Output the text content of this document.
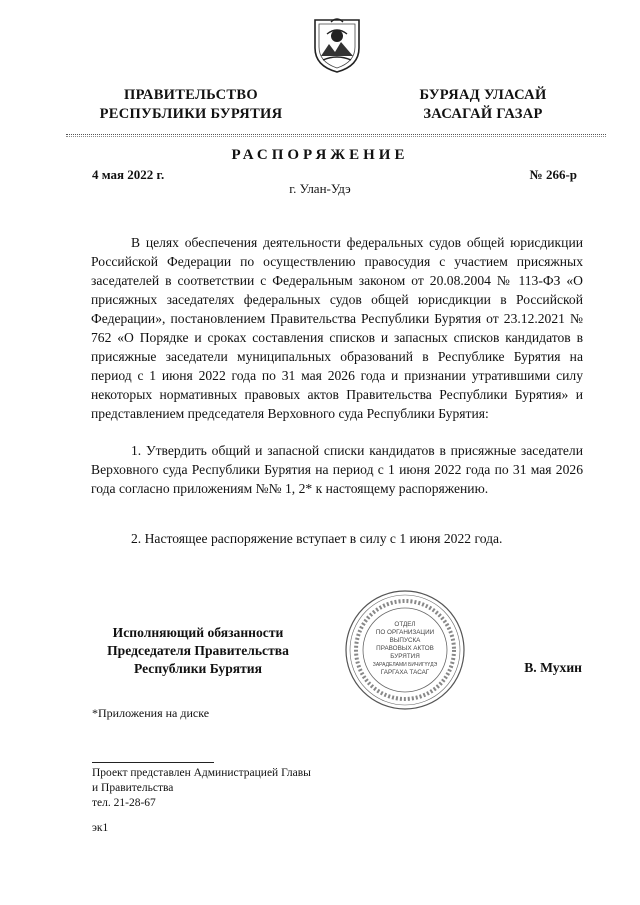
ПРАВИТЕЛЬСТВО
РЕСПУБЛИКИ БУРЯТИЯ
БУРЯАД УЛАСАЙ
ЗАСАГАЙ ГАЗАР
РАСПОРЯЖЕНИЕ
4 мая 2022 г.	№ 266-р
г. Улан-Удэ
В целях обеспечения деятельности федеральных судов общей юрисдикции Российской Федерации по осуществлению правосудия с участием присяжных заседателей в соответствии с Федеральным законом от 20.08.2004 № 113-ФЗ «О присяжных заседателях федеральных судов общей юрисдикции в Российской Федерации», постановлением Правительства Республики Бурятия от 23.12.2021 № 762 «О Порядке и сроках составления списков и запасных списков кандидатов в присяжные заседатели муниципальных образований в Республике Бурятия на период с 1 июня 2022 года по 31 мая 2026 года и признании утратившими силу некоторых нормативных правовых актов Правительства Республики Бурятия» и представлением председателя Верховного суда Республики Бурятия:
1. Утвердить общий и запасной списки кандидатов в присяжные заседатели Верховного суда Республики Бурятия на период с 1 июня 2022 года по 31 мая 2026 года согласно приложениям №№ 1, 2* к настоящему распоряжению.
2. Настоящее распоряжение вступает в силу с 1 июня 2022 года.
Исполняющий обязанности
Председателя Правительства
Республики Бурятия
ОТДЕЛ
ПО ОРГАНИЗАЦИИ
ВЫПУСКА
ПРАВОВЫХ АКТОВ
БУРЯТИЯ
ЗАРАДЕЛАМИ БИЧИГҮҮДЭ
ГАРГАХА ТАСАГ	В. Мухин
*Приложения на диске
Проект представлен Администрацией Главы
и Правительства
тел. 21-28-67
эк1
